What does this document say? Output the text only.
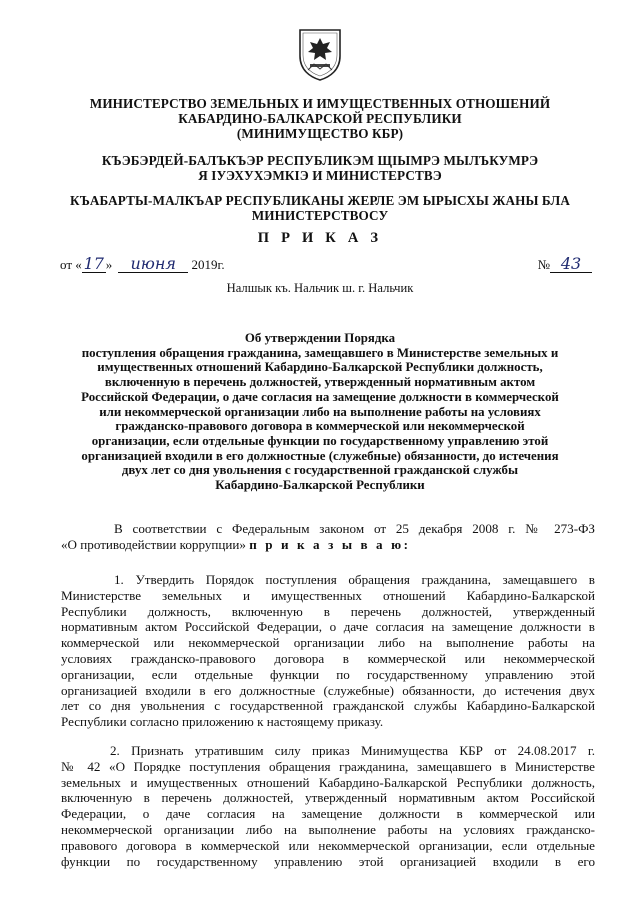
МИНИСТЕРСТВО ЗЕМЕЛЬНЫХ И ИМУЩЕСТВЕННЫХ ОТНОШЕНИЙ
КАБАРДИНО-БАЛКАРСКОЙ РЕСПУБЛИКИ
(МИНИМУЩЕСТВО КБР)
КЪЭБЭРДЕЙ-БАЛЪКЪЭР РЕСПУБЛИКЭМ ЩIЫМРЭ МЫЛЪКУМРЭ
Я IУЭХУХЭМКIЭ И МИНИСТЕРСТВЭ
КЪАБАРТЫ-МАЛКЪАР РЕСПУБЛИКАНЫ ЖЕРЛЕ ЭМ ЫРЫСХЫ ЖАНЫ БЛА
МИНИСТЕРСТВОСУ
П Р И К А З
от « 17 » июня 2019г.	№ 43
Налшык къ. Нальчик ш. г. Нальчик
Об утверждении Порядка
поступления обращения гражданина, замещавшего в Министерстве земельных и
имущественных отношений Кабардино-Балкарской Республики должность,
включенную в перечень должностей, утвержденный нормативным актом
Российской Федерации, о даче согласия на замещение должности в коммерческой
или некоммерческой организации либо на выполнение работы на условиях
гражданско-правового договора в коммерческой или некоммерческой
организации, если отдельные функции по государственному управлению этой
организацией входили в его должностные (служебные) обязанности, до истечения
двух лет со дня увольнения с государственной гражданской службы
Кабардино-Балкарской Республики
В соответствии с Федеральным законом от 25 декабря 2008 г. № 273-ФЗ
«О противодействии коррупции» п р и к а з ы в а ю:
1. Утвердить Порядок поступления обращения гражданина, замещавшего в
Министерстве земельных и имущественных отношений Кабардино-Балкарской
Республики должность, включенную в перечень должностей, утвержденный
нормативным актом Российской Федерации, о даче согласия на замещение должности в
коммерческой или некоммерческой организации либо на выполнение работы на
условиях гражданско-правового договора в коммерческой или некоммерческой
организации, если отдельные функции по государственному управлению этой
организацией входили в его должностные (служебные) обязанности, до истечения двух
лет со дня увольнения с государственной гражданской службы Кабардино-Балкарской
Республики согласно приложению к настоящему приказу.
2. Признать утратившим силу приказ Минимущества КБР от 24.08.2017 г.
№ 42 «О Порядке поступления обращения гражданина, замещавшего в Министерстве
земельных и имущественных отношений Кабардино-Балкарской Республики должность,
включенную в перечень должностей, утвержденный нормативным актом Российской
Федерации, о даче согласия на замещение должности в коммерческой или
некоммерческой организации либо на выполнение работы на условиях гражданско-
правового договора в коммерческой или некоммерческой организации, если отдельные
функции по государственному управлению этой организацией входили в его
